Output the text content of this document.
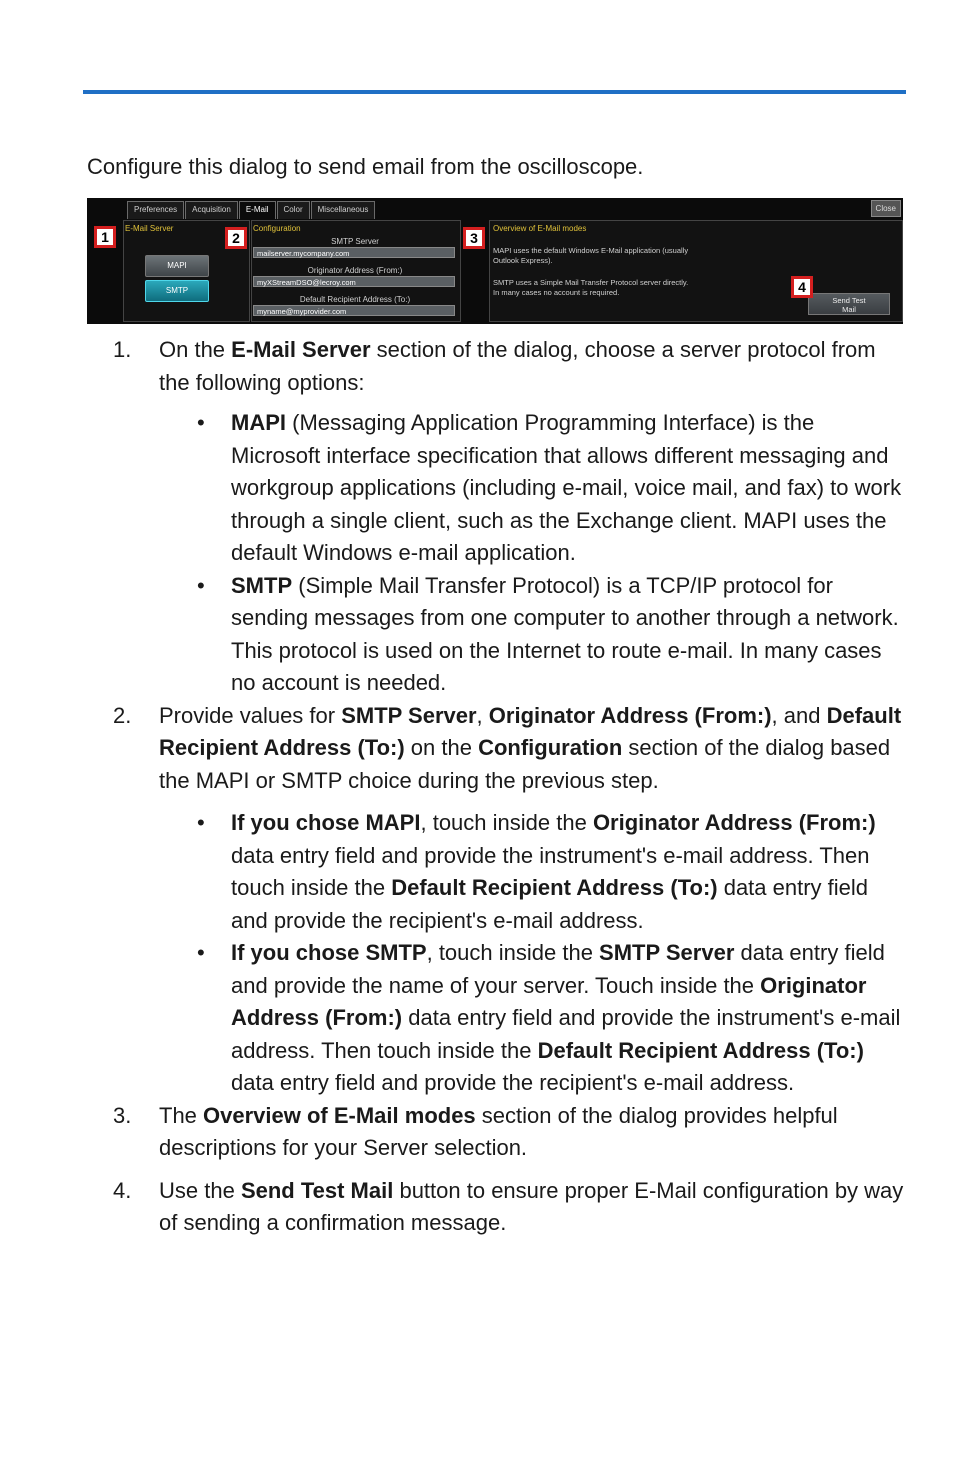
Configure this dialog to send email from the oscilloscope.
Preferences	Acquisition	E-Mail	Color	Miscellaneous	Close
E-Mail Server
MAPI
SMTP
Configuration
SMTP Server
mailserver.mycompany.com
Originator Address (From:)
myXStreamDSO@lecroy.com
Default Recipient Address (To:)
myname@myprovider.com
Overview of E-Mail modes
MAPI uses the default Windows E-Mail application (usually Outlook Express).
SMTP uses a Simple Mail Transfer Protocol server directly. In many cases no account is required.
Send Test
Mail
1	2	3
4
1. On the E-Mail Server section of the dialog, choose a server protocol from the following options:
• MAPI (Messaging Application Programming Interface) is the Microsoft interface specification that allows different messaging and workgroup applications (including e-mail, voice mail, and fax) to work through a single client, such as the Exchange client. MAPI uses the default Windows e-mail application.
• SMTP (Simple Mail Transfer Protocol) is a TCP/IP protocol for sending messages from one computer to another through a network. This protocol is used on the Internet to route e-mail. In many cases no account is needed.
2. Provide values for SMTP Server, Originator Address (From:), and Default Recipient Address (To:) on the Configuration section of the dialog based the MAPI or SMTP choice during the previous step.
• If you chose MAPI, touch inside the Originator Address (From:) data entry field and provide the instrument's e-mail address. Then touch inside the Default Recipient Address (To:) data entry field and provide the recipient's e-mail address.
• If you chose SMTP, touch inside the SMTP Server data entry field and provide the name of your server. Touch inside the Originator Address (From:) data entry field and provide the instrument's e-mail address. Then touch inside the Default Recipient Address (To:) data entry field and provide the recipient's e-mail address.
3. The Overview of E-Mail modes section of the dialog provides helpful descriptions for your Server selection.
4. Use the Send Test Mail button to ensure proper E-Mail configuration by way of sending a confirmation message.
